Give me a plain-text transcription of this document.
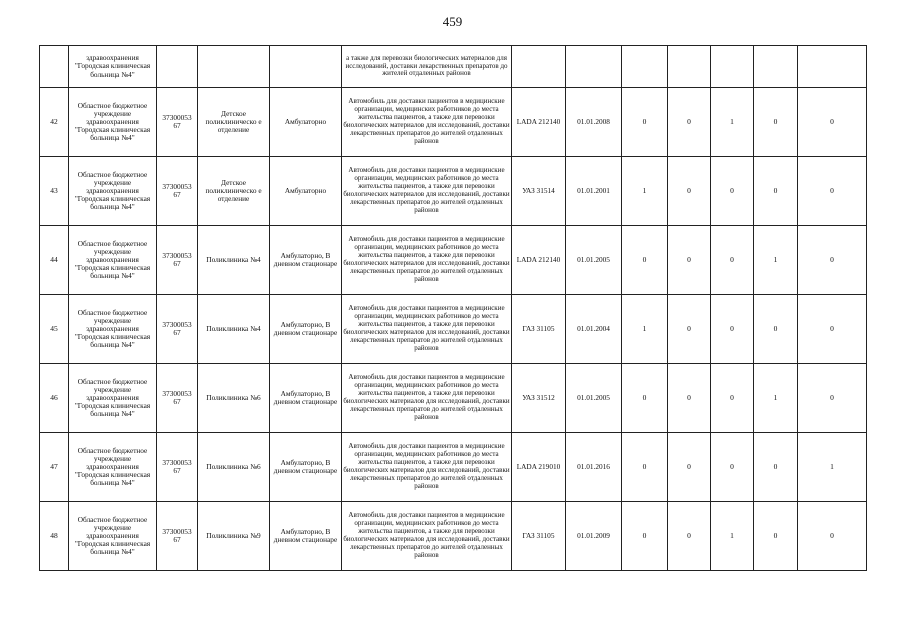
459
	здравоохранения "Городская клиническая больница №4"				а также для перевозки биологических материалов для исследований, доставки лекарственных препаратов до жителей отдаленных районов							
42	Областное бюджетное учреждение здравоохранения "Городская клиническая больница №4"	37300053 67	Детское поликлиническо е отделение	Амбулаторно	Автомобиль для доставки пациентов в медицинские организации, медицинских работников до места жительства пациентов, а также для перевозки биологических материалов для исследований, доставки лекарственных препаратов до жителей отдаленных районов	LADA 212140	01.01.2008	0	0	1	0	0
43	Областное бюджетное учреждение здравоохранения "Городская клиническая больница №4"	37300053 67	Детское поликлиническо е отделение	Амбулаторно	Автомобиль для доставки пациентов в медицинские организации, медицинских работников до места жительства пациентов, а также для перевозки биологических материалов для исследований, доставки лекарственных препаратов до жителей отдаленных районов	УАЗ 31514	01.01.2001	1	0	0	0	0
44	Областное бюджетное учреждение здравоохранения "Городская клиническая больница №4"	37300053 67	Поликлиника №4	Амбулаторно, В дневном стационаре	Автомобиль для доставки пациентов в медицинские организации, медицинских работников до места жительства пациентов, а также для перевозки биологических материалов для исследований, доставки лекарственных препаратов до жителей отдаленных районов	LADA 212140	01.01.2005	0	0	0	1	0
45	Областное бюджетное учреждение здравоохранения "Городская клиническая больница №4"	37300053 67	Поликлиника №4	Амбулаторно, В дневном стационаре	Автомобиль для доставки пациентов в медицинские организации, медицинских работников до места жительства пациентов, а также для перевозки биологических материалов для исследований, доставки лекарственных препаратов до жителей отдаленных районов	ГАЗ 31105	01.01.2004	1	0	0	0	0
46	Областное бюджетное учреждение здравоохранения "Городская клиническая больница №4"	37300053 67	Поликлиника №6	Амбулаторно, В дневном стационаре	Автомобиль для доставки пациентов в медицинские организации, медицинских работников до места жительства пациентов, а также для перевозки биологических материалов для исследований, доставки лекарственных препаратов до жителей отдаленных районов	УАЗ 31512	01.01.2005	0	0	0	1	0
47	Областное бюджетное учреждение здравоохранения "Городская клиническая больница №4"	37300053 67	Поликлиника №6	Амбулаторно, В дневном стационаре	Автомобиль для доставки пациентов в медицинские организации, медицинских работников до места жительства пациентов, а также для перевозки биологических материалов для исследований, доставки лекарственных препаратов до жителей отдаленных районов	LADA 219010	01.01.2016	0	0	0	0	1
48	Областное бюджетное учреждение здравоохранения "Городская клиническая больница №4"	37300053 67	Поликлиника №9	Амбулаторно, В дневном стационаре	Автомобиль для доставки пациентов в медицинские организации, медицинских работников до места жительства пациентов, а также для перевозки биологических материалов для исследований, доставки лекарственных препаратов до жителей отдаленных районов	ГАЗ 31105	01.01.2009	0	0	1	0	0
